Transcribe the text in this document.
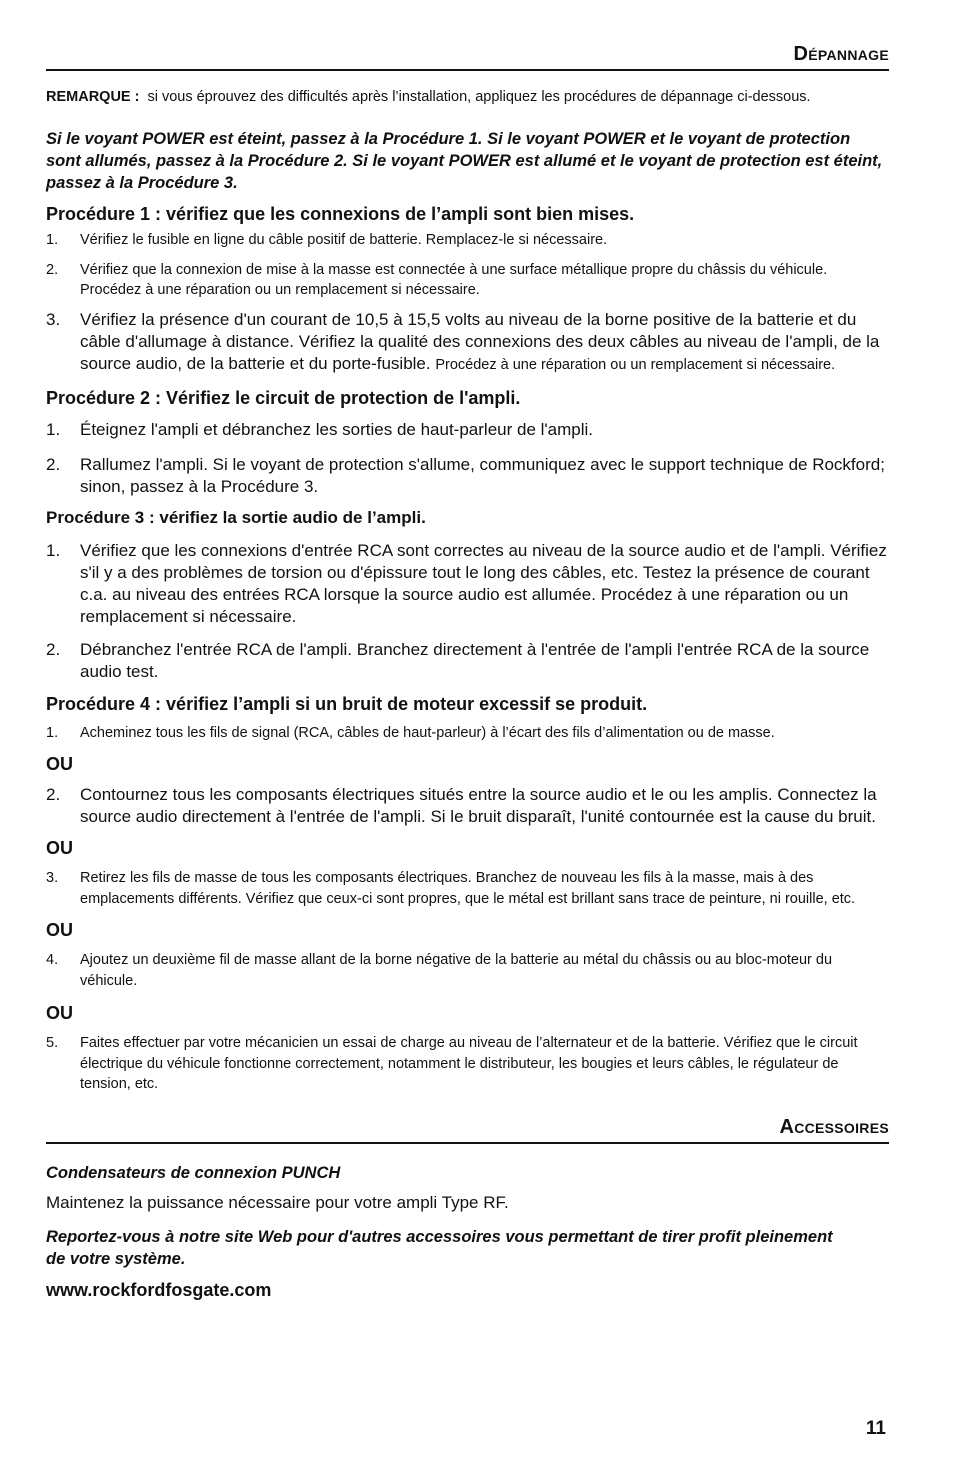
Dépannage
REMARQUE : si vous éprouvez des difficultés après l’installation, appliquez les procédures de dépannage ci-dessous.
Si le voyant POWER est éteint, passez à la Procédure 1. Si le voyant POWER et le voyant de protection sont allumés, passez à la Procédure 2. Si le voyant POWER est allumé et le voyant de protection est éteint, passez à la Procédure 3.
Procédure 1 : vérifiez que les connexions de l’ampli sont bien mises.
1.	Vérifiez le fusible en ligne du câble positif de batterie. Remplacez-le si nécessaire.
2.	Vérifiez que la connexion de mise à la masse est connectée à une surface métallique propre du châssis du véhicule. Procédez à une réparation ou un remplacement si nécessaire.
3.	Vérifiez la présence d'un courant de 10,5 à 15,5 volts au niveau de la borne positive de la batterie et du câble d'allumage à distance. Vérifiez la qualité des connexions des deux câbles au niveau de l'ampli, de la source audio, de la batterie et du porte-fusible. Procédez à une réparation ou un remplacement si nécessaire.
Procédure 2 : Vérifiez le circuit de protection de l'ampli.
1.	Éteignez l'ampli et débranchez les sorties de haut-parleur de l'ampli.
2.	Rallumez l'ampli. Si le voyant de protection s'allume, communiquez avec le support technique de Rockford; sinon, passez à la Procédure 3.
Procédure 3 : vérifiez la sortie audio de l’ampli.
1.	Vérifiez que les connexions d'entrée RCA sont correctes au niveau de la source audio et de l'ampli. Vérifiez s'il y a des problèmes de torsion ou d'épissure tout le long des câbles, etc. Testez la présence de courant c.a. au niveau des entrées RCA lorsque la source audio est allumée. Procédez à une réparation ou un remplacement si nécessaire.
2.	Débranchez l'entrée RCA de l'ampli. Branchez directement à l'entrée de l'ampli l'entrée RCA de la source audio test.
Procédure 4 : vérifiez l’ampli si un bruit de moteur excessif se produit.
1.	Acheminez tous les fils de signal (RCA, câbles de haut-parleur) à l’écart des fils d’alimentation ou de masse.
OU
2.	Contournez tous les composants électriques situés entre la source audio et le ou les amplis. Connectez la source audio directement à l'entrée de l'ampli. Si le bruit disparaît, l'unité contournée est la cause du bruit.
OU
3.	Retirez les fils de masse de tous les composants électriques. Branchez de nouveau les fils à la masse, mais à des emplacements différents. Vérifiez que ceux-ci sont propres, que le métal est brillant sans trace de peinture, ni rouille, etc.
OU
4.	Ajoutez un deuxième fil de masse allant de la borne négative de la batterie au métal du châssis ou au bloc-moteur du véhicule.
OU
5.	Faites effectuer par votre mécanicien un essai de charge au niveau de l’alternateur et de la batterie. Vérifiez que le circuit électrique du véhicule fonctionne correctement, notamment le distributeur, les bougies et leurs câbles, le régulateur de tension, etc.
Accessoires
Condensateurs de connexion PUNCH
Maintenez la puissance nécessaire pour votre ampli Type RF.
Reportez-vous à notre site Web pour d'autres accessoires vous permettant de tirer profit pleinement de votre système.
www.rockfordfosgate.com
11
